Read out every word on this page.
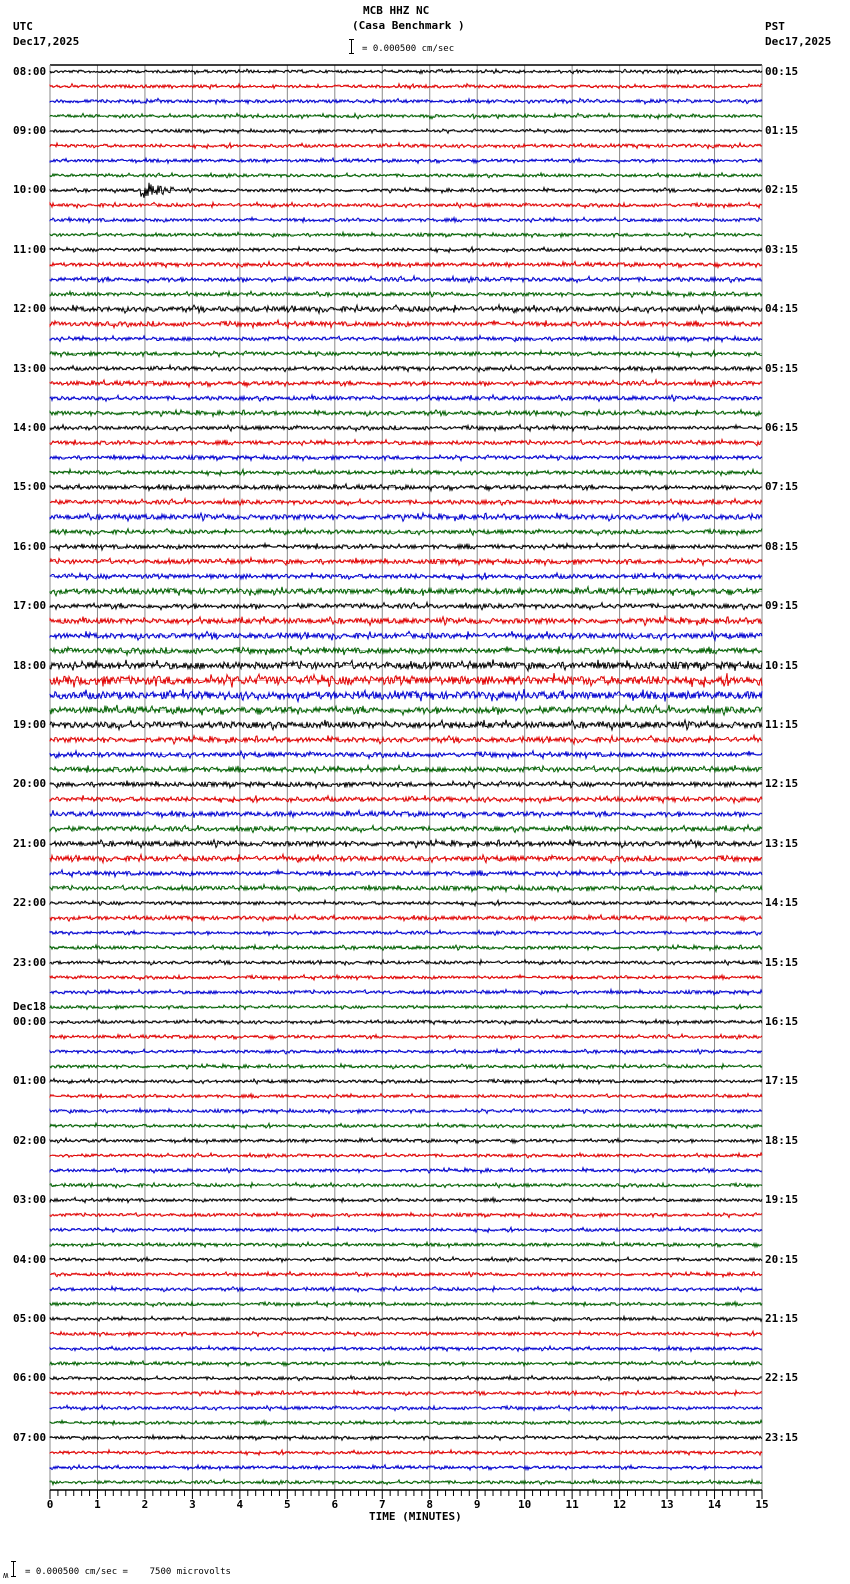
MCB HHZ NC
(Casa Benchmark )
UTC
Dec17,2025
PST
Dec17,2025
= 0.000500 cm/sec
08:00
09:00
10:00
11:00
12:00
13:00
14:00
15:00
16:00
17:00
18:00
19:00
20:00
21:00
22:00
23:00
00:00
Dec18
01:00
02:00
03:00
04:00
05:00
06:00
07:00
00:15
01:15
02:15
03:15
04:15
05:15
06:15
07:15
08:15
09:15
10:15
11:15
12:15
13:15
14:15
15:15
16:15
17:15
18:15
19:15
20:15
21:15
22:15
23:15
0	1	2	3	4	5	6	7	8	9	10	11	12	13	14	15
TIME (MINUTES)
ʍ = 0.000500 cm/sec =    7500 microvolts
